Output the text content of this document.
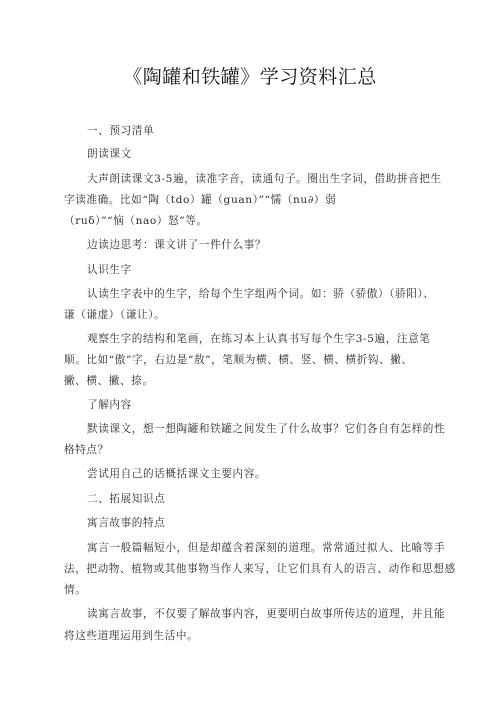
《陶罐和铁罐》学习资料汇总
一、预习清单
朗读课文
大声朗读课文3-5遍，读准字音，读通句子。圈出生字词，借助拼音把生
字读准确。比如“陶（tdo）罐（guan）”“懦（nu∂）弱
（ruδ）”“恼（nao）怒”等。
边读边思考：课文讲了一件什么事？
认识生字
认读生字表中的生字，给每个生字组两个词。如：骄（骄傲）（骄阳）、
谦（谦虚）（谦让）。
观察生字的结构和笔画，在练习本上认真书写每个生字3-5遍，注意笔
顺。比如“傲”字，右边是“敖”，笔顺为横、横、竖、横、横折钩、撇、
撇、横、撇、捺。
了解内容
默读课文，想一想陶罐和铁罐之间发生了什么故事？它们各自有怎样的性
格特点？
尝试用自己的话概括课文主要内容。
二、拓展知识点
寓言故事的特点
寓言一般篇幅短小，但是却蕴含着深刻的道理。常常通过拟人、比喻等手
法，把动物、植物或其他事物当作人来写，让它们具有人的语言、动作和思想感
情。
读寓言故事，不仅要了解故事内容，更要明白故事所传达的道理，并且能
将这些道理运用到生活中。
